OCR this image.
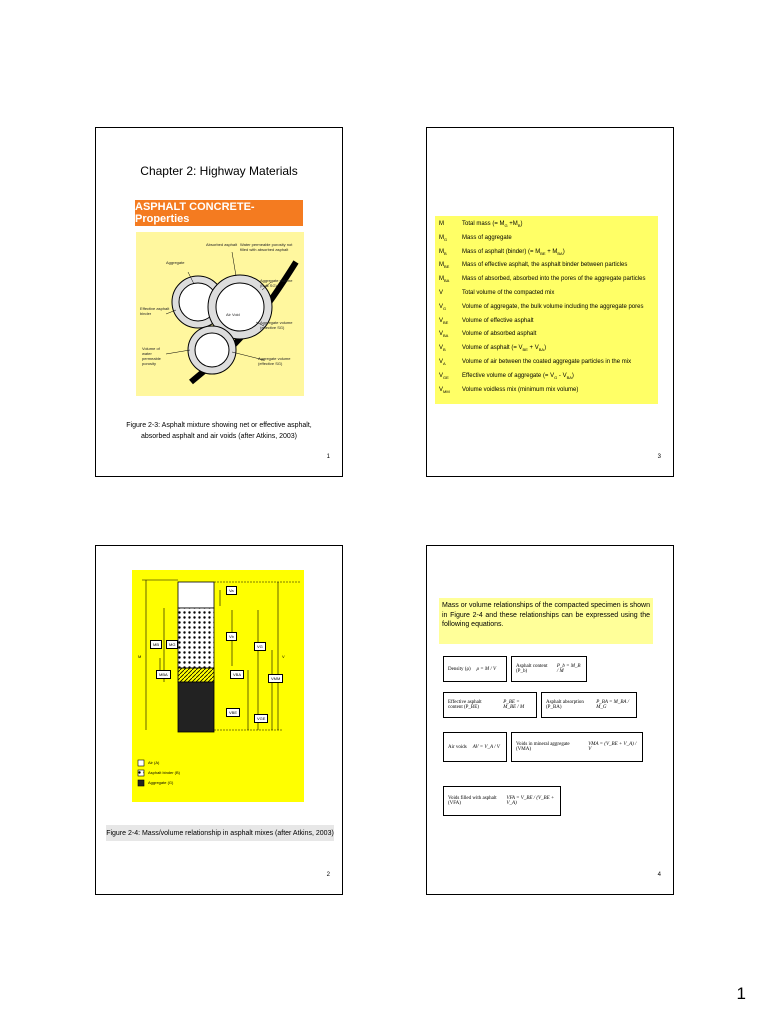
Chapter 2: Highway Materials
ASPHALT CONCRETE-Properties
Aggregate
Absorbed asphalt Water permeable porosity not filled with absorbed asphalt
Aggregate volume (bulk SG)
Effective asphalt binder	Air Void
Aggregate volume (effective SG)
Volume of water permeable porosity
Aggregate volume (effective SG)
Figure 2-3: Asphalt mixture showing net or effective asphalt,
absorbed asphalt and air voids (after Atkins, 2003)
1
M	Total mass (= $M_G +M_B$)
$M_G$ Mass of aggregate
$M_B$	Mass of asphalt (binder) (= $M_{BE} + M_{BA}$)
$M_{BE}$ Mass of effective asphalt, the asphalt binder between particles
$M_{BA}$ Mass of absorbed, absorbed into the pores of the aggregate particles
V	Total volume of the compacted mix
$V_G$	Volume of aggregate, the bulk volume including the aggregate pores
$V_{BE}$ Volume of effective asphalt
$V_{BA}$ Volume of absorbed asphalt
$V_B$	Volume of asphalt (= $V_{BE} + V_{BA}$)
$V_A$	Volume of air between the coated aggregate particles in the mix
$V_{GE}$ Effective volume of aggregate (= $V_G - V_{BA}$)
$V_{MM}$ Volume voidless mix (minimum mix volume)
3
Va
Vb
VG
V
VBA
VMM
VBE
VGE
M
MB	MG
MBA
Air (A)
Asphalt binder (B)
Aggregate (G)
Figure 2-4: Mass/volume relationship in asphalt mixes (after Atkins, 2003)
2
Mass or volume relationships of the compacted specimen is shown in Figure 2-4 and these relationships can be expressed using the following equations.
Density (ρ) ρ = M / V	Asphalt content (P_b)
P_b = M_B / M
Effective asphalt content (P_BE)
P_BE = M_BE / M
Asphalt absorption (P_BA)
P_BA = M_BA / M_G
Air voids AV = V_A / V	Voids in mineral aggregate (VMA)
VMA = (V_BE + V_A) / V
Voids filled with asphalt (VFA)
VFA = V_BE / (V_BE + V_A)
4
1
